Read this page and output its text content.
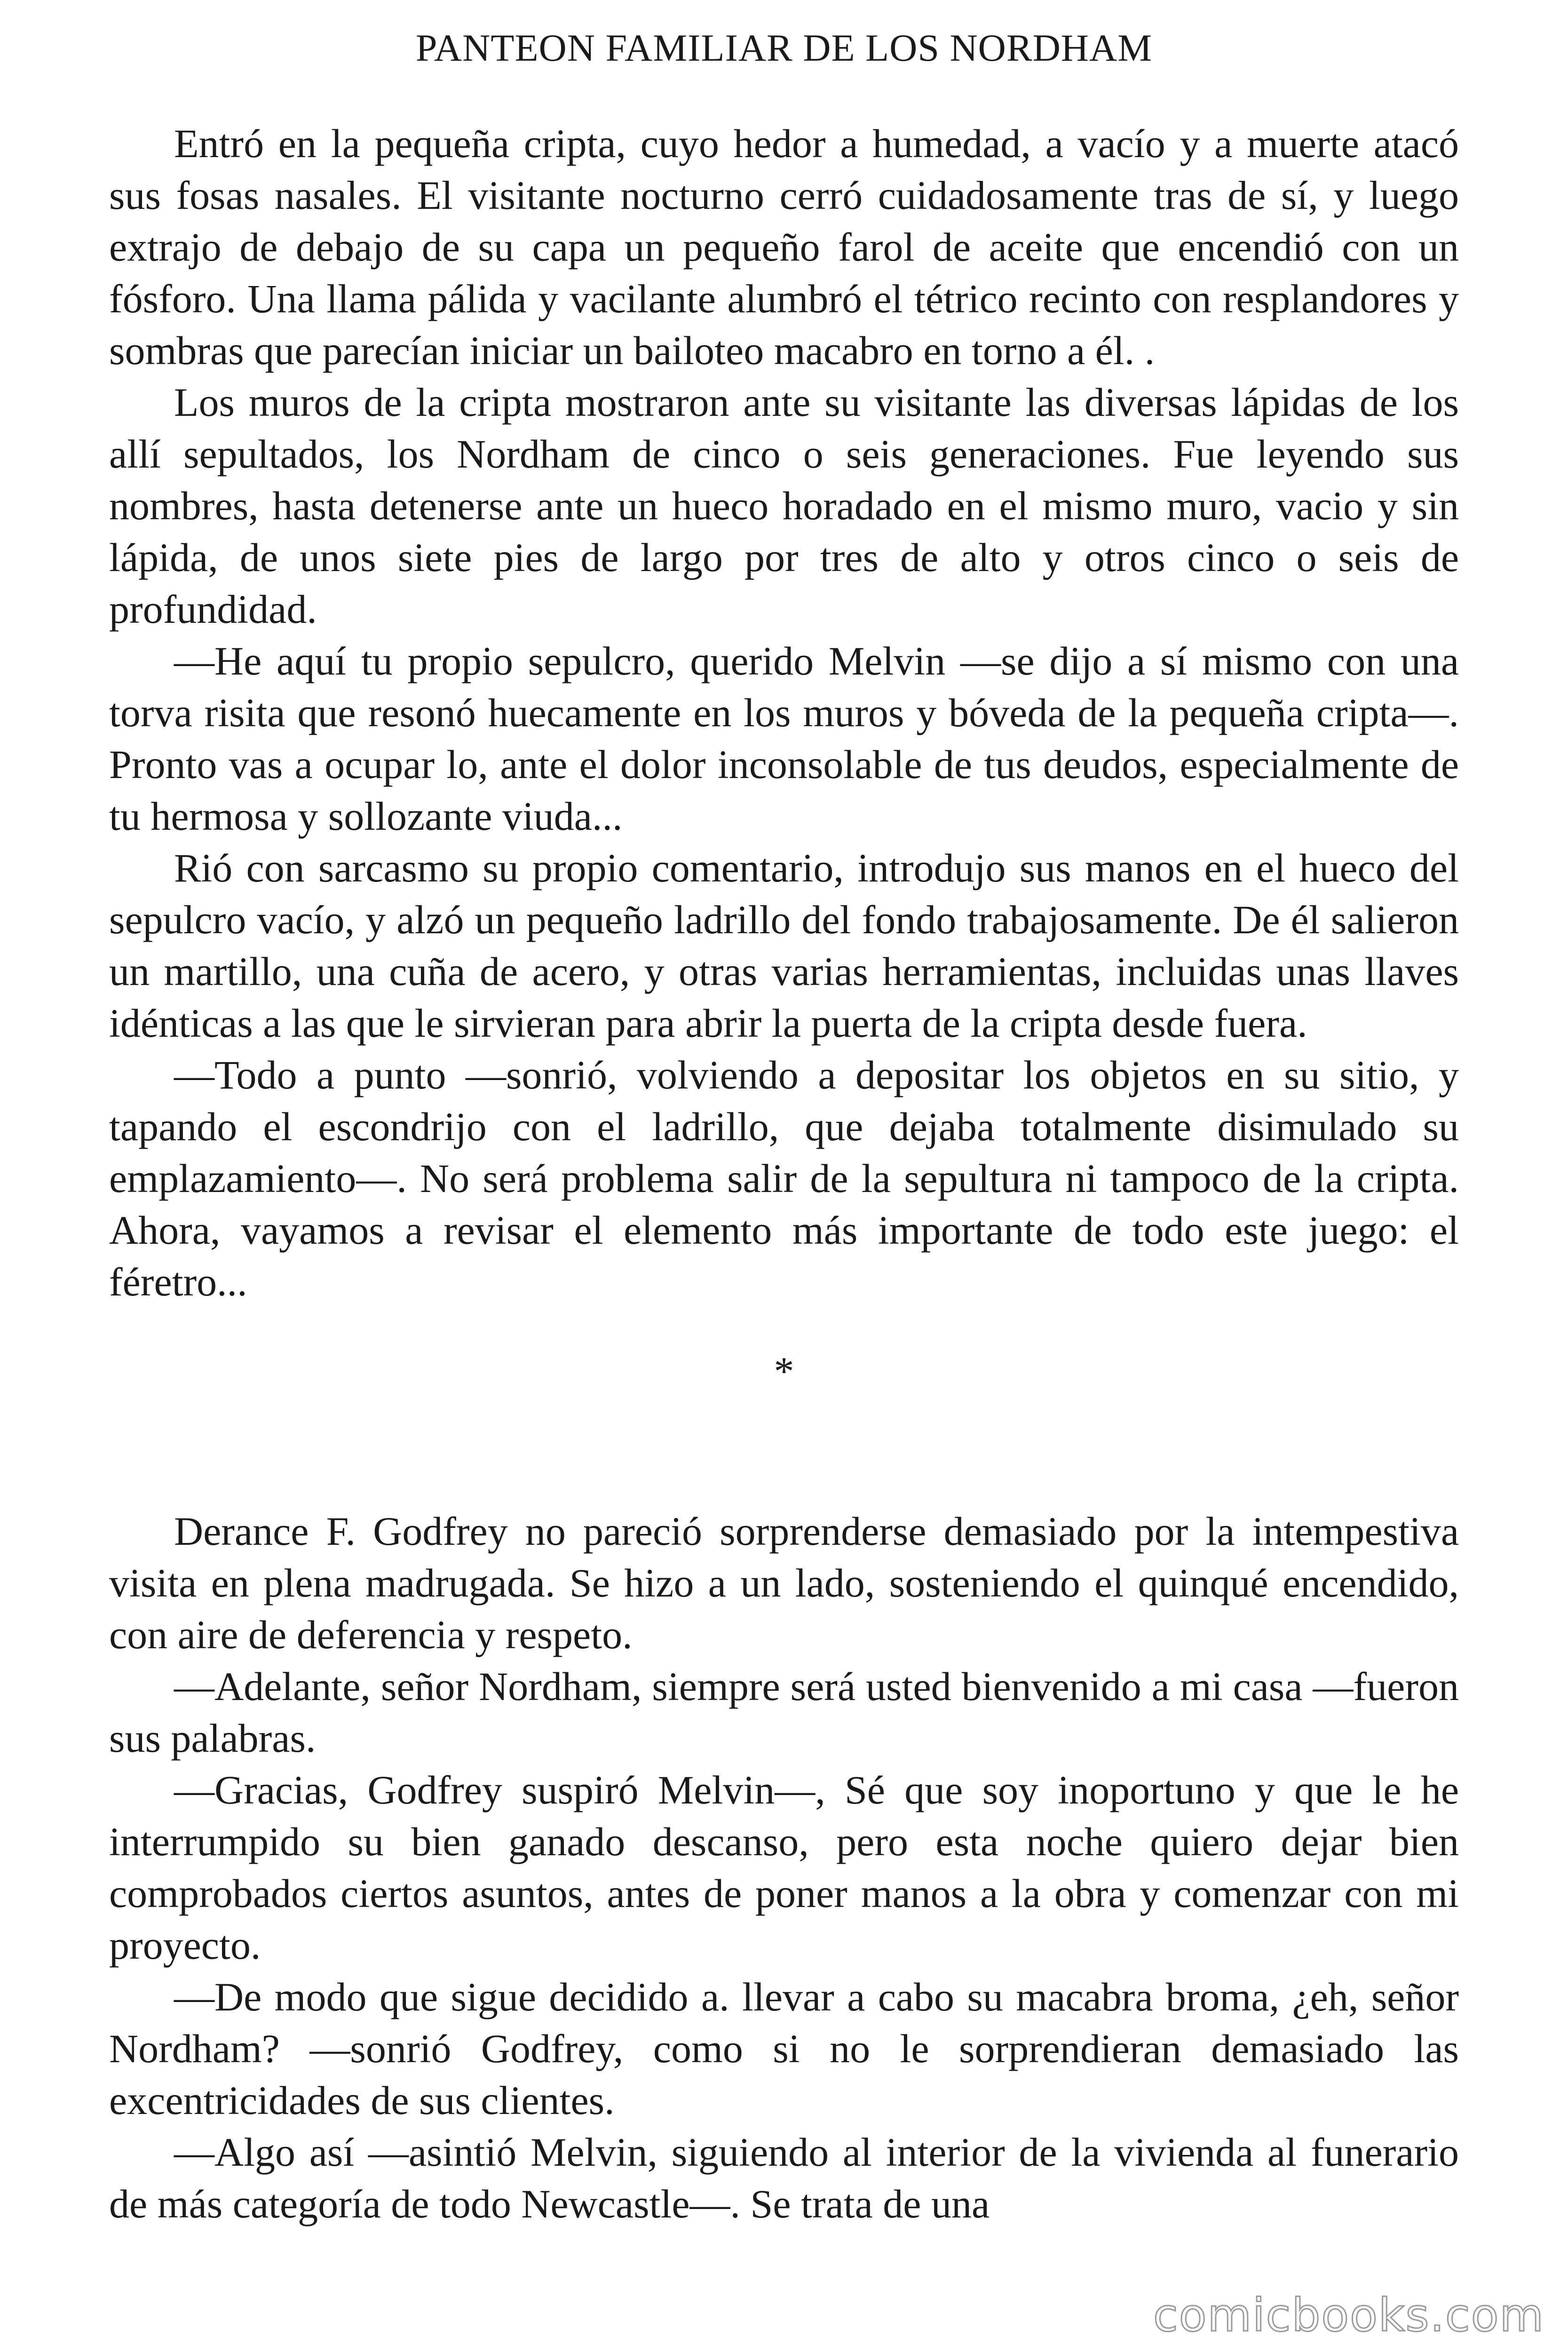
PANTEON FAMILIAR DE LOS NORDHAM

Entró en la pequeña cripta, cuyo hedor a humedad, a vacío y a muerte atacó sus fosas nasales. El visitante nocturno cerró cuidadosamente tras de sí, y luego extrajo de debajo de su capa un pequeño farol de aceite que encendió con un fósforo. Una llama pálida y vacilante alumbró el tétrico recinto con resplandores y sombras que parecían iniciar un bailoteo macabro en torno a él. .

Los muros de la cripta mostraron ante su visitante las diversas lápidas de los allí sepultados, los Nordham de cinco o seis generaciones. Fue leyendo sus nombres, hasta detenerse ante un hueco horadado en el mismo muro, vacio y sin lápida, de unos siete pies de largo por tres de alto y otros cinco o seis de profundidad.

—He aquí tu propio sepulcro, querido Melvin —se dijo a sí mismo con una torva risita que resonó huecamente en los muros y bóveda de la pequeña cripta—. Pronto vas a ocupar lo, ante el dolor inconsolable de tus deudos, especialmente de tu hermosa y sollozante viuda...

Rió con sarcasmo su propio comentario, introdujo sus manos en el hueco del sepulcro vacío, y alzó un pequeño ladrillo del fondo trabajosamente. De él salieron un martillo, una cuña de acero, y otras varias herramientas, incluidas unas llaves idénticas a las que le sirvieran para abrir la puerta de la cripta desde fuera.

—Todo a punto —sonrió, volviendo a depositar los objetos en su sitio, y tapando el escondrijo con el ladrillo, que dejaba totalmente disimulado su emplazamiento—. No será problema salir de la sepultura ni tampoco de la cripta. Ahora, vayamos a revisar el elemento más importante de todo este juego: el féretro...

*

Derance F. Godfrey no pareció sorprenderse demasiado por la intempestiva visita en plena madrugada. Se hizo a un lado, sosteniendo el quinqué encendido, con aire de deferencia y respeto.

—Adelante, señor Nordham, siempre será usted bienvenido a mi casa —fueron sus palabras.

—Gracias, Godfrey suspiró Melvin—, Sé que soy inoportuno y que le he interrumpido su bien ganado descanso, pero esta noche quiero dejar bien comprobados ciertos asuntos, antes de poner manos a la obra y comenzar con mi proyecto.

—De modo que sigue decidido a. llevar a cabo su macabra broma, ¿eh, señor Nordham? —sonrió Godfrey, como si no le sorprendieran demasiado las excentricidades de sus clientes.

—Algo así —asintió Melvin, siguiendo al interior de la vivienda al funerario de más categoría de todo Newcastle—. Se trata de una

comicbooks.com
